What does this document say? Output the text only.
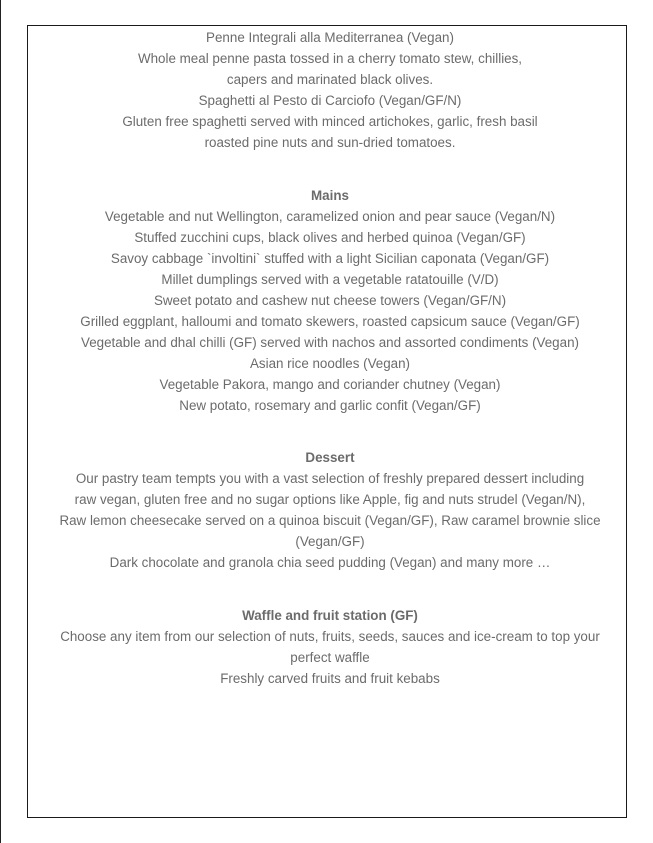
Penne Integrali alla Mediterranea (Vegan)
Whole meal penne pasta tossed in a cherry tomato stew, chillies,
capers and marinated black olives.
Spaghetti al Pesto di Carciofo (Vegan/GF/N)
Gluten free spaghetti served with minced artichokes, garlic, fresh basil
roasted pine nuts and sun-dried tomatoes.
Mains
Vegetable and nut Wellington, caramelized onion and pear sauce (Vegan/N)
Stuffed zucchini cups, black olives and herbed quinoa (Vegan/GF)
Savoy cabbage `involtini` stuffed with a light Sicilian caponata (Vegan/GF)
Millet dumplings served with a vegetable ratatouille (V/D)
Sweet potato and cashew nut cheese towers (Vegan/GF/N)
Grilled eggplant, halloumi and tomato skewers, roasted capsicum sauce (Vegan/GF)
Vegetable and dhal chilli (GF) served with nachos and assorted condiments (Vegan)
Asian rice noodles (Vegan)
Vegetable Pakora, mango and coriander chutney (Vegan)
New potato, rosemary and garlic confit (Vegan/GF)
Dessert
Our pastry team tempts you with a vast selection of freshly prepared dessert including
raw vegan, gluten free and no sugar options like Apple, fig and nuts strudel (Vegan/N),
Raw lemon cheesecake served on a quinoa biscuit (Vegan/GF), Raw caramel brownie slice
(Vegan/GF)
Dark chocolate and granola chia seed pudding (Vegan) and many more …
Waffle and fruit station (GF)
Choose any item from our selection of nuts, fruits, seeds, sauces and ice-cream to top your
perfect waffle
Freshly carved fruits and fruit kebabs
